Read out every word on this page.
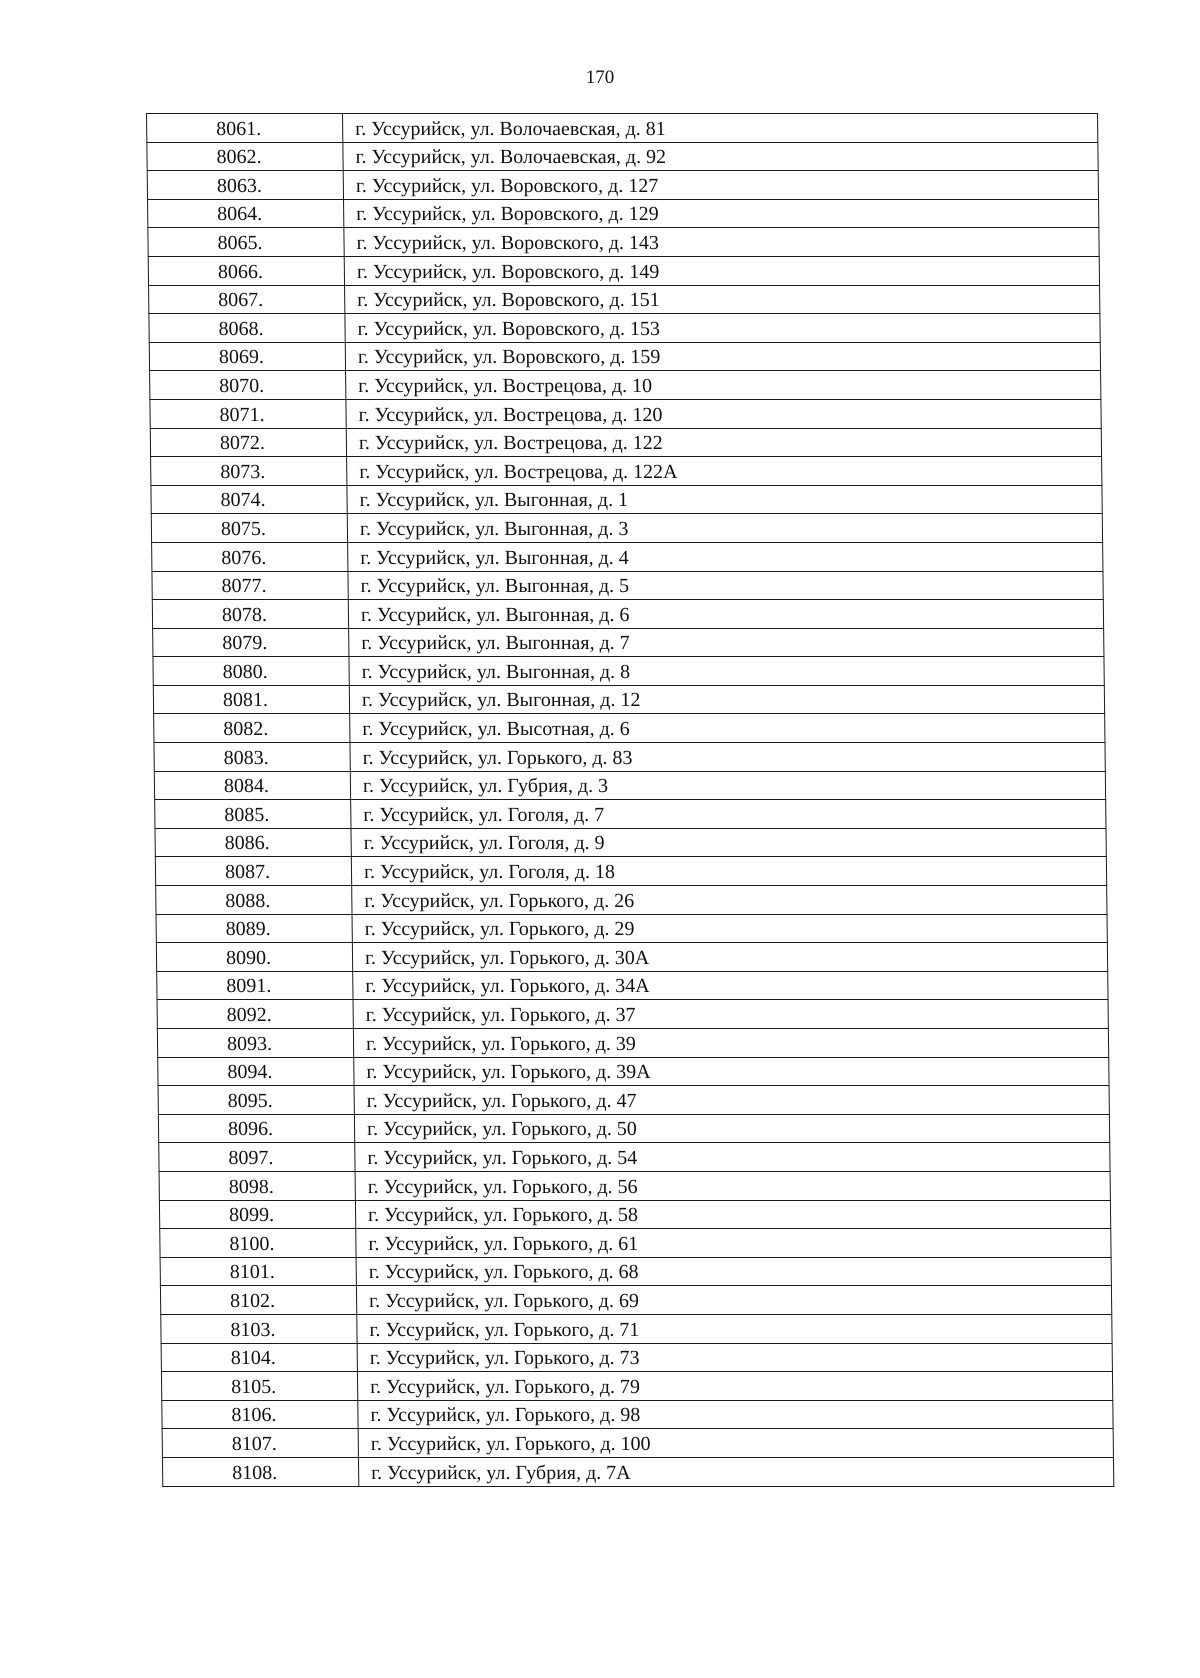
170
8061.	г. Уссурийск, ул. Волочаевская, д. 81
8062.	г. Уссурийск, ул. Волочаевская, д. 92
8063.	г. Уссурийск, ул. Воровского, д. 127
8064.	г. Уссурийск, ул. Воровского, д. 129
8065.	г. Уссурийск, ул. Воровского, д. 143
8066.	г. Уссурийск, ул. Воровского, д. 149
8067.	г. Уссурийск, ул. Воровского, д. 151
8068.	г. Уссурийск, ул. Воровского, д. 153
8069.	г. Уссурийск, ул. Воровского, д. 159
8070.	г. Уссурийск, ул. Вострецова, д. 10
8071.	г. Уссурийск, ул. Вострецова, д. 120
8072.	г. Уссурийск, ул. Вострецова, д. 122
8073.	г. Уссурийск, ул. Вострецова, д. 122А
8074.	г. Уссурийск, ул. Выгонная, д. 1
8075.	г. Уссурийск, ул. Выгонная, д. 3
8076.	г. Уссурийск, ул. Выгонная, д. 4
8077.	г. Уссурийск, ул. Выгонная, д. 5
8078.	г. Уссурийск, ул. Выгонная, д. 6
8079.	г. Уссурийск, ул. Выгонная, д. 7
8080.	г. Уссурийск, ул. Выгонная, д. 8
8081.	г. Уссурийск, ул. Выгонная, д. 12
8082.	г. Уссурийск, ул. Высотная, д. 6
8083.	г. Уссурийск, ул. Горького, д. 83
8084.	г. Уссурийск, ул. Губрия, д. 3
8085.	г. Уссурийск, ул. Гоголя, д. 7
8086.	г. Уссурийск, ул. Гоголя, д. 9
8087.	г. Уссурийск, ул. Гоголя, д. 18
8088.	г. Уссурийск, ул. Горького, д. 26
8089.	г. Уссурийск, ул. Горького, д. 29
8090.	г. Уссурийск, ул. Горького, д. 30А
8091.	г. Уссурийск, ул. Горького, д. 34А
8092.	г. Уссурийск, ул. Горького, д. 37
8093.	г. Уссурийск, ул. Горького, д. 39
8094.	г. Уссурийск, ул. Горького, д. 39А
8095.	г. Уссурийск, ул. Горького, д. 47
8096.	г. Уссурийск, ул. Горького, д. 50
8097.	г. Уссурийск, ул. Горького, д. 54
8098.	г. Уссурийск, ул. Горького, д. 56
8099.	г. Уссурийск, ул. Горького, д. 58
8100.	г. Уссурийск, ул. Горького, д. 61
8101.	г. Уссурийск, ул. Горького, д. 68
8102.	г. Уссурийск, ул. Горького, д. 69
8103.	г. Уссурийск, ул. Горького, д. 71
8104.	г. Уссурийск, ул. Горького, д. 73
8105.	г. Уссурийск, ул. Горького, д. 79
8106.	г. Уссурийск, ул. Горького, д. 98
8107.	г. Уссурийск, ул. Горького, д. 100
8108.	г. Уссурийск, ул. Губрия, д. 7А
